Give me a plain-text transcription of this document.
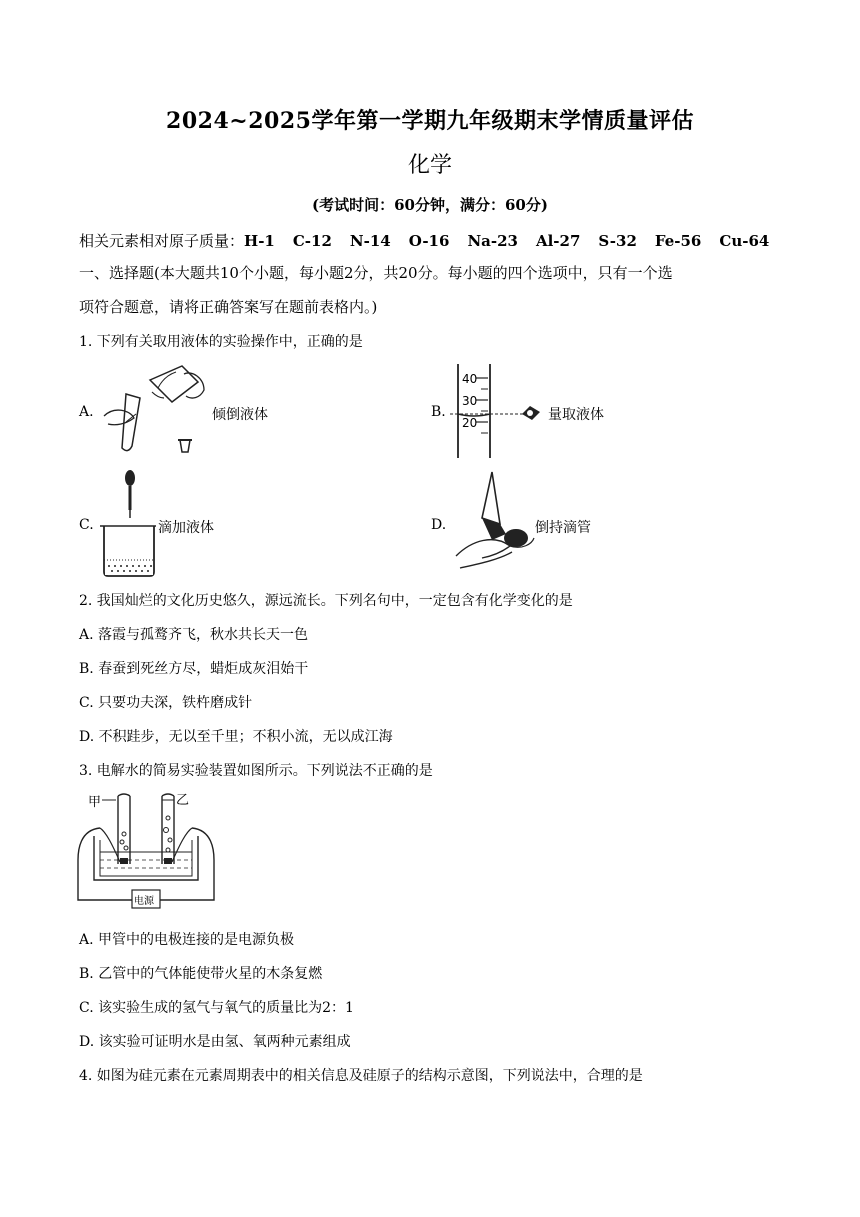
2024~2025学年第一学期九年级期末学情质量评估
化学
(考试时间：60分钟，满分：60分)
相关元素相对原子质量：H-1 C-12 N-14 O-16 Na-23 Al-27 S-32 Fe-56 Cu-64
一、选择题(本大题共10个小题，每小题2分，共20分。每小题的四个选项中，只有一个选
项符合题意，请将正确答案写在题前表格内。)
1. 下列有关取用液体的实验操作中，正确的是
A.	倾倒液体	B.
40
30
20	量取液体
C.	滴加液体	D.	倒持滴管
2. 我国灿烂的文化历史悠久，源远流长。下列名句中，一定包含有化学变化的是
A. 落霞与孤鹜齐飞，秋水共长天一色
B. 春蚕到死丝方尽，蜡炬成灰泪始干
C. 只要功夫深，铁杵磨成针
D. 不积跬步，无以至千里；不积小流，无以成江海
3. 电解水的简易实验装置如图所示。下列说法不正确的是
甲	乙
电源
A. 甲管中的电极连接的是电源负极
B. 乙管中的气体能使带火星的木条复燃
C. 该实验生成的氢气与氧气的质量比为2：1
D. 该实验可证明水是由氢、氧两种元素组成
4. 如图为硅元素在元素周期表中的相关信息及硅原子的结构示意图，下列说法中，合理的是
